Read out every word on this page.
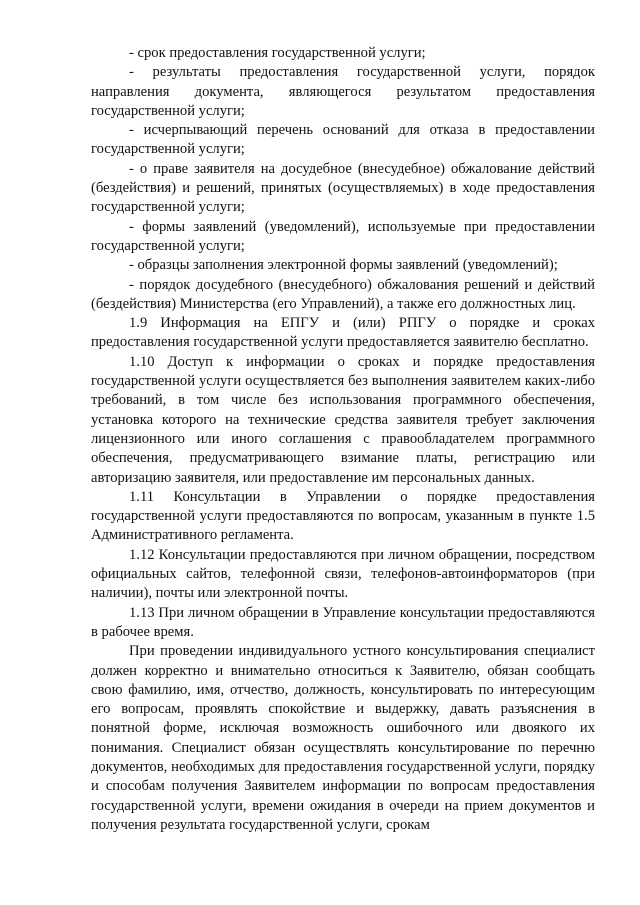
- срок предоставления государственной услуги;

- результаты предоставления государственной услуги, порядок направления документа, являющегося результатом предоставления государственной услуги;

- исчерпывающий перечень оснований для отказа в предоставлении государственной услуги;

- о праве заявителя на досудебное (внесудебное) обжалование действий (бездействия) и решений, принятых (осуществляемых) в ходе предоставления государственной услуги;

- формы заявлений (уведомлений), используемые при предоставлении государственной услуги;

- образцы заполнения электронной формы заявлений (уведомлений);

- порядок досудебного (внесудебного) обжалования решений и действий (бездействия) Министерства (его Управлений), а также его должностных лиц.

1.9 Информация на ЕПГУ и (или) РПГУ о порядке и сроках предоставления государственной услуги предоставляется заявителю бесплатно.

1.10 Доступ к информации о сроках и порядке предоставления государственной услуги осуществляется без выполнения заявителем каких-либо требований, в том числе без использования программного обеспечения, установка которого на технические средства заявителя требует заключения лицензионного или иного соглашения с правообладателем программного обеспечения, предусматривающего взимание платы, регистрацию или авторизацию заявителя, или предоставление им персональных данных.

1.11 Консультации в Управлении о порядке предоставления государственной услуги предоставляются по вопросам, указанным в пункте 1.5 Административного регламента.

1.12 Консультации предоставляются при личном обращении, посредством официальных сайтов, телефонной связи, телефонов-автоинформаторов (при наличии), почты или электронной почты.

1.13 При личном обращении в Управление консультации предоставляются в рабочее время.

При проведении индивидуального устного консультирования специалист должен корректно и внимательно относиться к Заявителю, обязан сообщать свою фамилию, имя, отчество, должность, консультировать по интересующим его вопросам, проявлять спокойствие и выдержку, давать разъяснения в понятной форме, исключая возможность ошибочного или двоякого их понимания. Специалист обязан осуществлять консультирование по перечню документов, необходимых для предоставления государственной услуги, порядку и способам получения Заявителем информации по вопросам предоставления государственной услуги, времени ожидания в очереди на прием документов и получения результата государственной услуги, срокам
